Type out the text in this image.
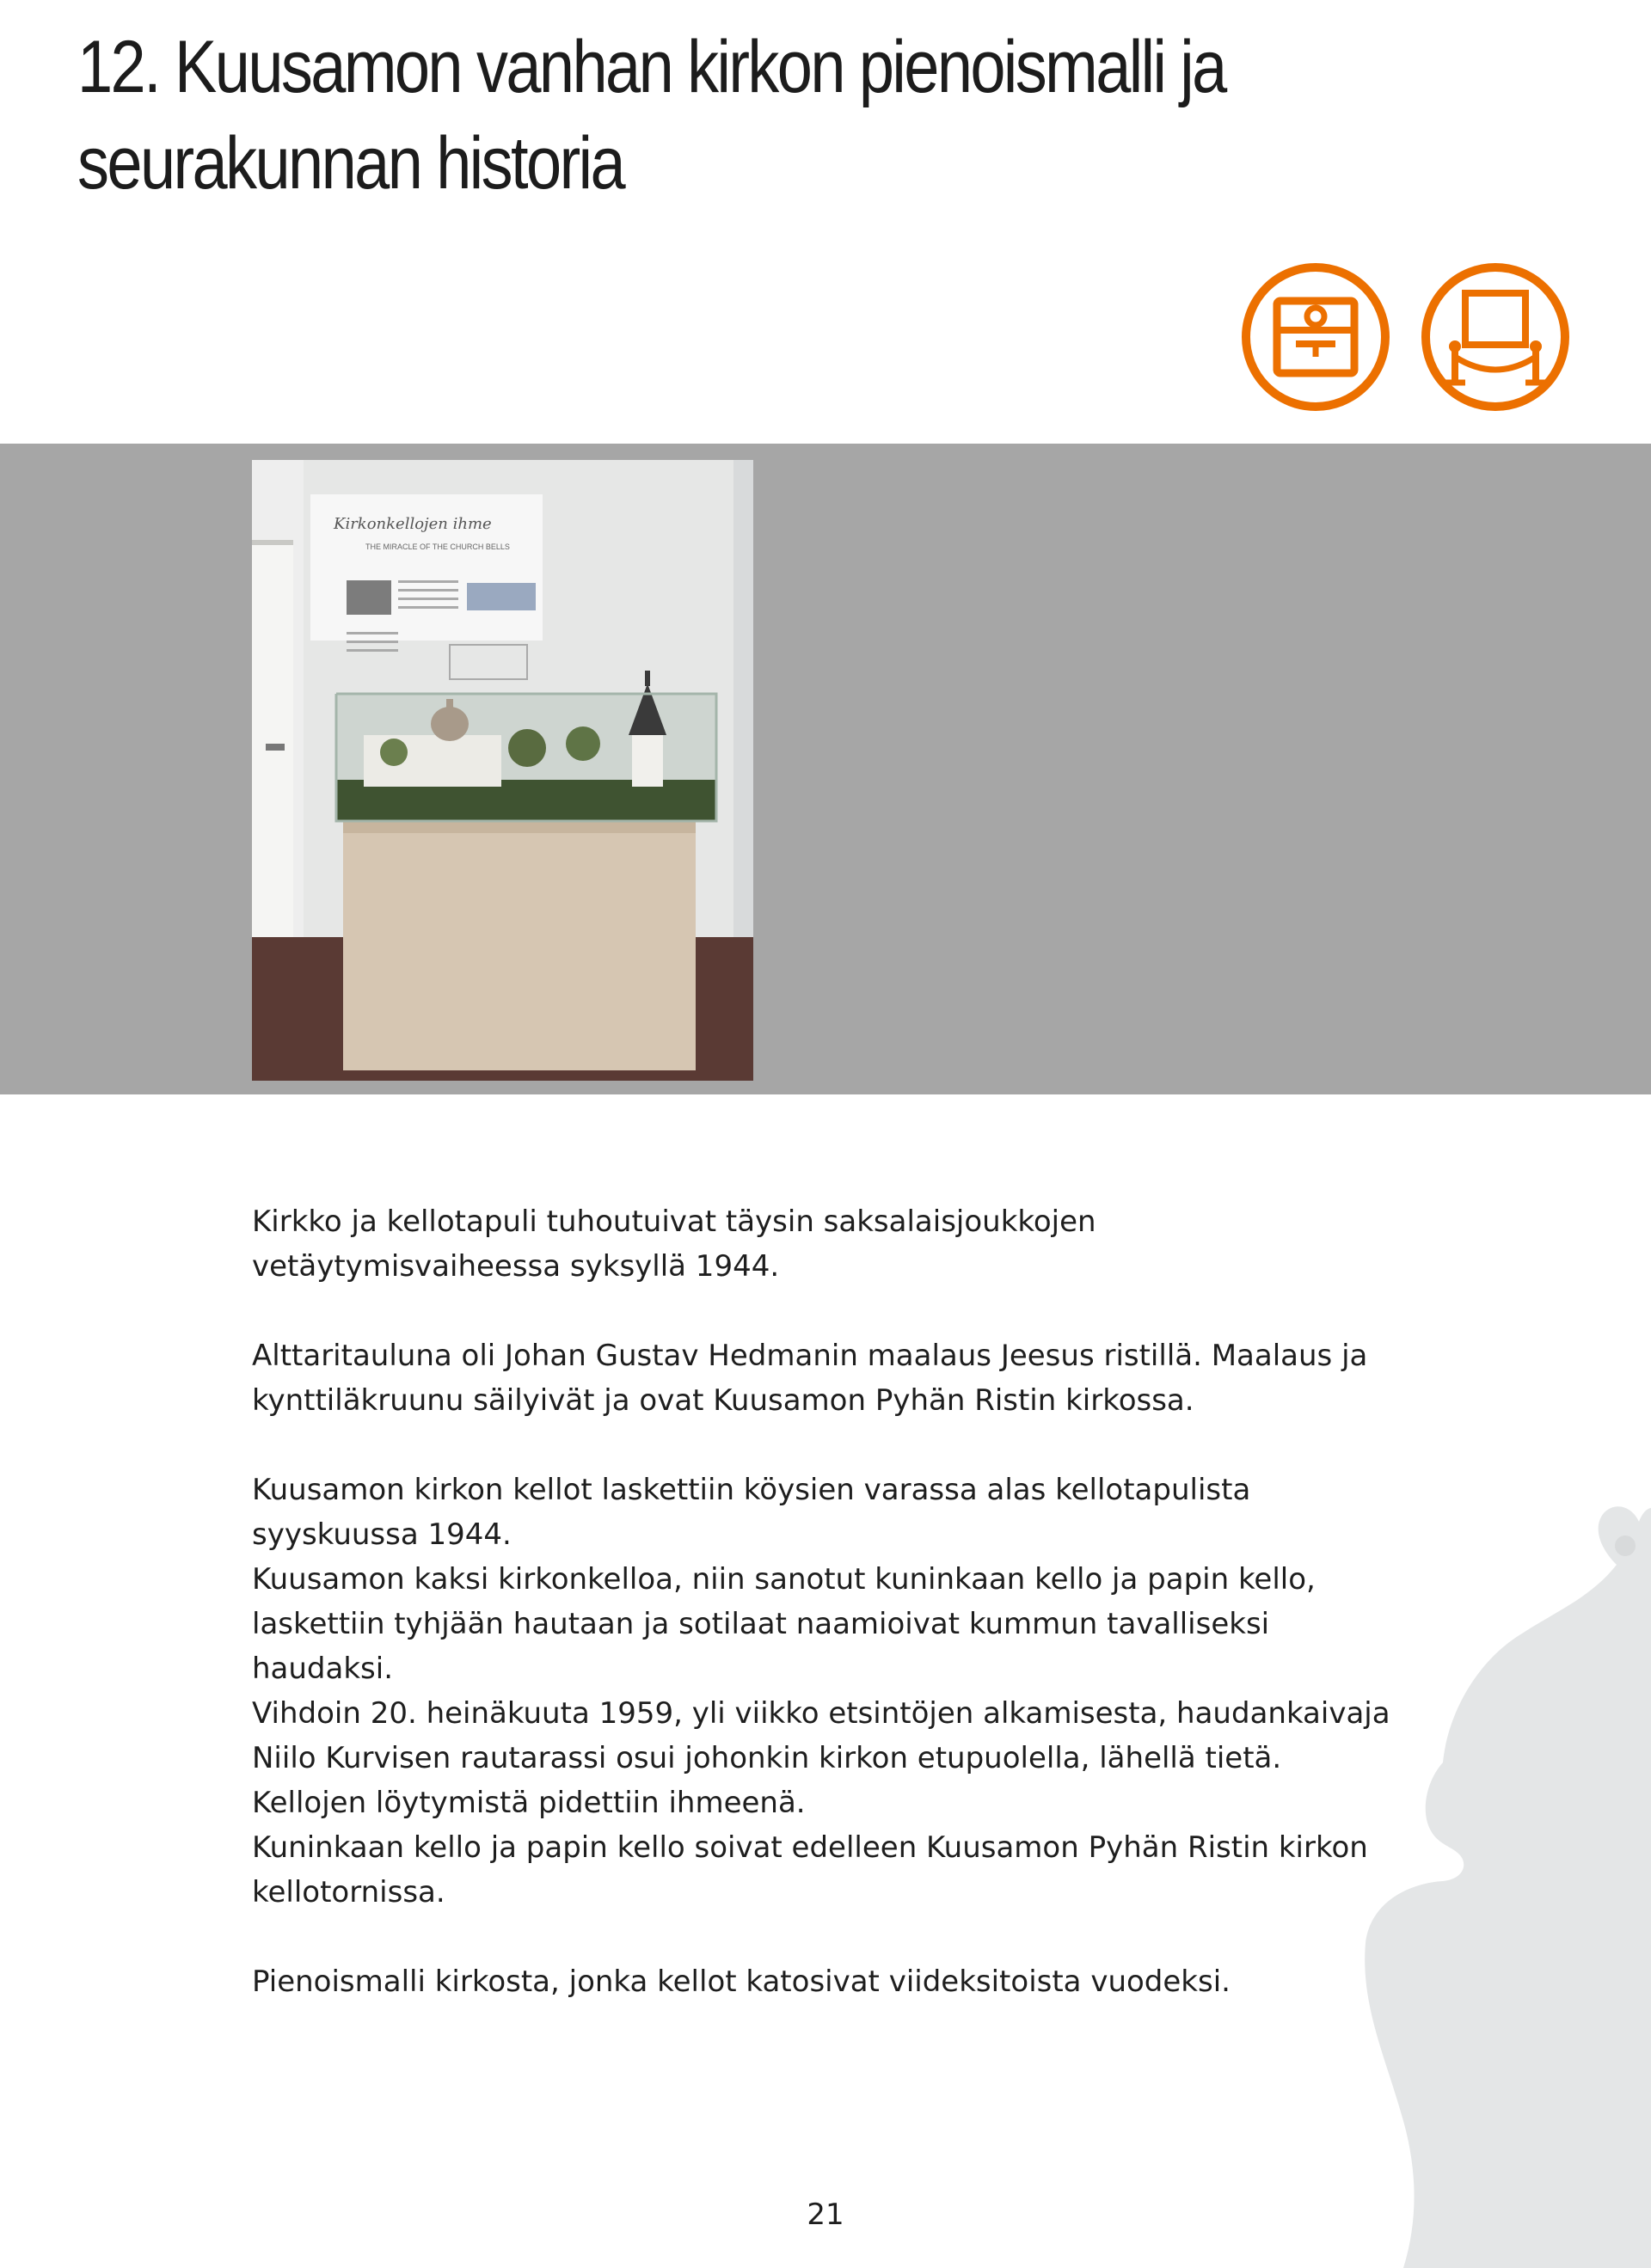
12. Kuusamon vanhan kirkon pienoismalli ja seurakunnan historia
Kirkonkellojen ihme
THE MIRACLE OF THE CHURCH BELLS

Kirkko ja kellotapuli tuhoutuivat täysin saksalaisjoukkojen
vetäytymisvaiheessa syksyllä 1944.

Alttaritauluna oli Johan Gustav Hedmanin maalaus Jeesus ristillä. Maalaus ja
kynttiläkruunu säilyivät ja ovat Kuusamon Pyhän Ristin kirkossa.

Kuusamon kirkon kellot laskettiin köysien varassa alas kellotapulista
syyskuussa 1944.

Kuusamon kaksi kirkonkelloa, niin sanotut kuninkaan kello ja papin kello,
laskettiin tyhjään hautaan ja sotilaat naamioivat kummun tavalliseksi
haudaksi.

Vihdoin 20. heinäkuuta 1959, yli viikko etsintöjen alkamisesta, haudankaivaja
Niilo Kurvisen rautarassi osui johonkin kirkon etupuolella, lähellä tietä.
Kellojen löytymistä pidettiin ihmeenä.

Kuninkaan kello ja papin kello soivat edelleen Kuusamon Pyhän Ristin kirkon
kellotornissa.

Pienoismalli kirkosta, jonka kellot katosivat viideksitoista vuodeksi.

21
